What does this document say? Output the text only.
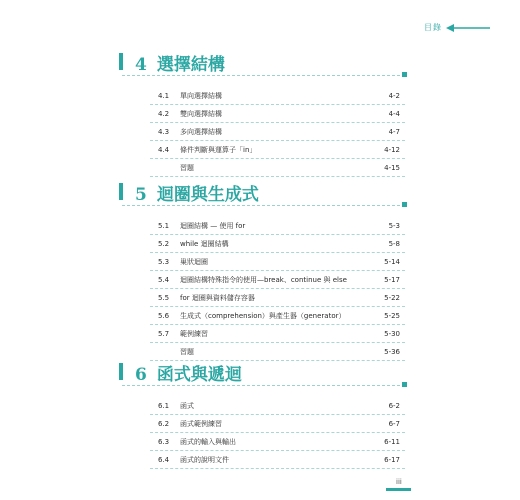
目錄
4 選擇結構
4.1 單向選擇結構	4-2
4.2 雙向選擇結構	4-4
4.3 多向選擇結構	4-7
4.4 條件判斷與運算子「in」	4-12
習題	4-15
5 迴圈與生成式
5.1 迴圈結構 — 使用 for	5-3
5.2 while 迴圈結構	5-8
5.3 巢狀迴圈	5-14
5.4 迴圈結構特殊指令的使用—break、continue 與 else	5-17
5.5 for 迴圈與資料儲存容器	5-22
5.6 生成式（comprehension）與產生器（generator）	5-25
5.7 範例練習	5-30
習題	5-36
6 函式與遞迴
6.1 函式	6-2
6.2 函式範例練習	6-7
6.3 函式的輸入與輸出	6-11
6.4 函式的說明文件	6-17
iii
